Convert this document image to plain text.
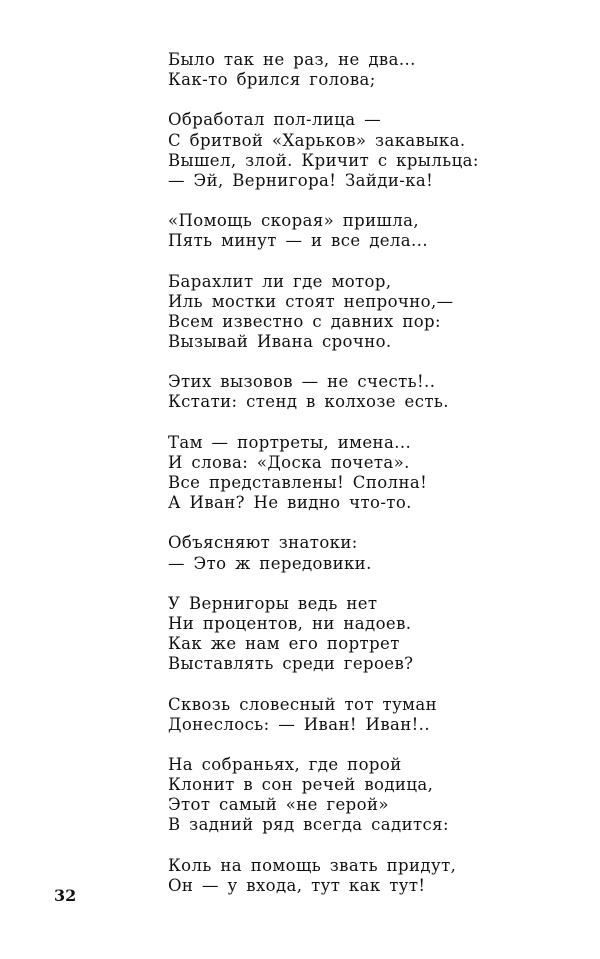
Было так не раз, не два...
Как-то брился голова;
Обработал пол-лица —
С бритвой «Харьков» закавыка.
Вышел, злой. Кричит с крыльца:
— Эй, Вернигора! Зайди-ка!
«Помощь скорая» пришла,
Пять минут — и все дела...
Барахлит ли где мотор,
Иль мостки стоят непрочно,—
Всем известно с давних пор:
Вызывай Ивана срочно.
Этих вызовов — не счесть!..
Кстати: стенд в колхозе есть.
Там — портреты, имена...
И слова: «Доска почета».
Все представлены! Сполна!
А Иван? Не видно что-то.
Объясняют знатоки:
— Это ж передовики.
У Вернигоры ведь нет
Ни процентов, ни надоев.
Как же нам его портрет
Выставлять среди героев?
Сквозь словесный тот туман
Донеслось: — Иван! Иван!..
На собраньях, где порой
Клонит в сон речей водица,
Этот самый «не герой»
В задний ряд всегда садится:
Коль на помощь звать придут,
Он — у входа, тут как тут!
32
